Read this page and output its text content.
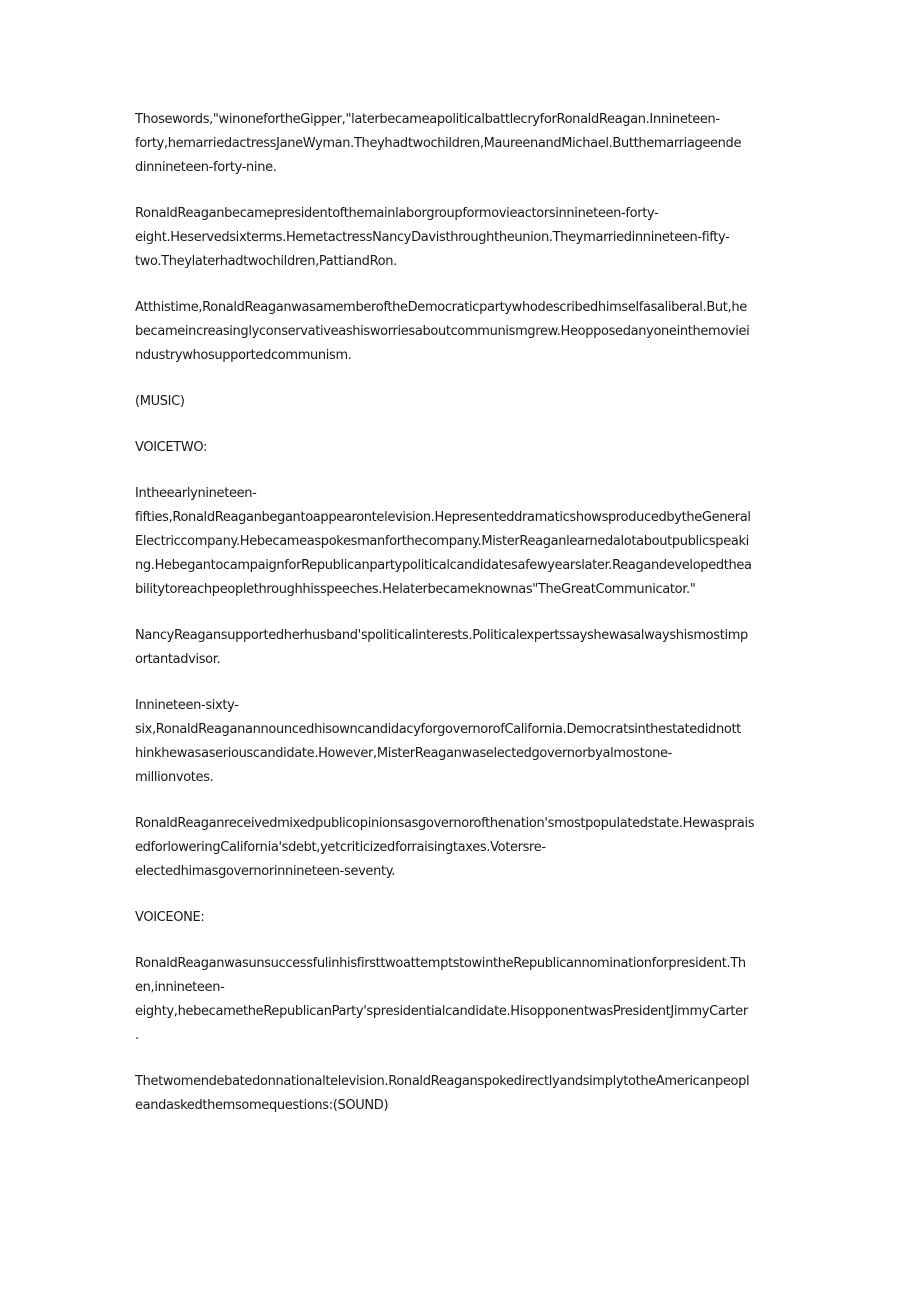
Thosewords,"winonefortheGipper,"laterbecameapoliticalbattlecryforRonaldReagan.Innineteen-
forty,hemarriedactressJaneWyman.Theyhadtwochildren,MaureenandMichael.Butthemarriageende
dinnineteen-forty-nine.

RonaldReaganbecamepresidentofthemainlaborgroupformovieactorsinnineteen-forty-
eight.Heservedsixterms.HemetactressNancyDavisthroughtheunion.Theymarriedinnineteen-fifty-
two.Theylaterhadtwochildren,PattiandRon.

Atthistime,RonaldReaganwasamemberoftheDemocraticpartywhodescribedhimselfasaliberal.But,he
becameincreasinglyconservativeashisworriesaboutcommunismgrew.Heopposedanyoneinthemoviei
ndustrywhosupportedcommunism.

(MUSIC)

VOICETWO:

Intheearlynineteen-
fifties,RonaldReaganbegantoappearontelevision.HepresenteddramaticshowsproducedbytheGeneral
Electriccompany.Hebecameaspokesmanforthecompany.MisterReaganlearnedalotaboutpublicspeaki
ng.HebegantocampaignforRepublicanpartypoliticalcandidatesafewyearslater.Reagandevelopedthea
bilitytoreachpeoplethroughhisspeeches.Helaterbecameknownas"TheGreatCommunicator."

NancyReagansupportedherhusband'spoliticalinterests.Politicalexpertssayshewasalwayshismostimp
ortantadvisor.

Innineteen-sixty-
six,RonaldReaganannouncedhisowncandidacyforgovernorofCalifornia.Democratsinthestatedidnott
hinkhewasaseriouscandidate.However,MisterReaganwaselectedgovernorbyalmostone-
millionvotes.

RonaldReaganreceivedmixedpublicopinionsasgovernorofthenation'smostpopulatedstate.Hewasprais
edforloweringCalifornia'sdebt,yetcriticizedforraisingtaxes.Votersre-
electedhimasgovernorinnineteen-seventy.

VOICEONE:

RonaldReaganwasunsuccessfulinhisfirsttwoattemptstowintheRepublicannominationforpresident.Th
en,innineteen-
eighty,hebecametheRepublicanParty'spresidentialcandidate.HisopponentwasPresidentJimmyCarter
.

Thetwomendebatedonnationaltelevision.RonaldReaganspokedirectlyandsimplytotheAmericanpeopl
eandaskedthemsomequestions:(SOUND)
